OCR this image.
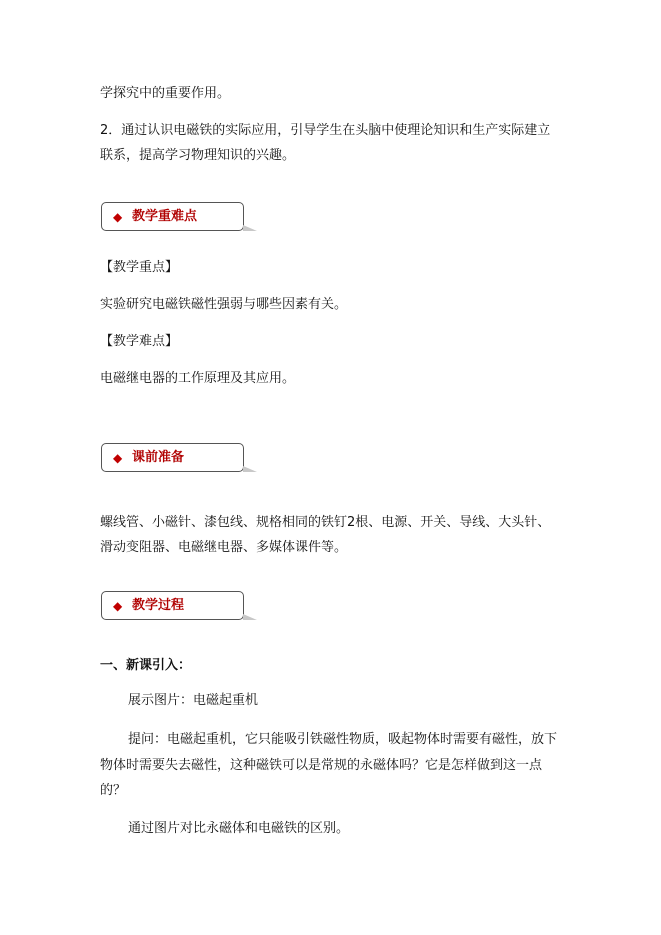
学探究中的重要作用。
2．通过认识电磁铁的实际应用，引导学生在头脑中使理论知识和生产实际建立
联系，提高学习物理知识的兴趣。
◆ 教学重难点
【教学重点】
实验研究电磁铁磁性强弱与哪些因素有关。
【教学难点】
电磁继电器的工作原理及其应用。
◆ 课前准备
螺线管、小磁针、漆包线、规格相同的铁钉2根、电源、开关、导线、大头针、
滑动变阻器、电磁继电器、多媒体课件等。
◆ 教学过程
一、新课引入：
展示图片：电磁起重机
提问：电磁起重机，它只能吸引铁磁性物质，吸起物体时需要有磁性，放下
物体时需要失去磁性，这种磁铁可以是常规的永磁体吗？它是怎样做到这一点
的？
通过图片对比永磁体和电磁铁的区别。
